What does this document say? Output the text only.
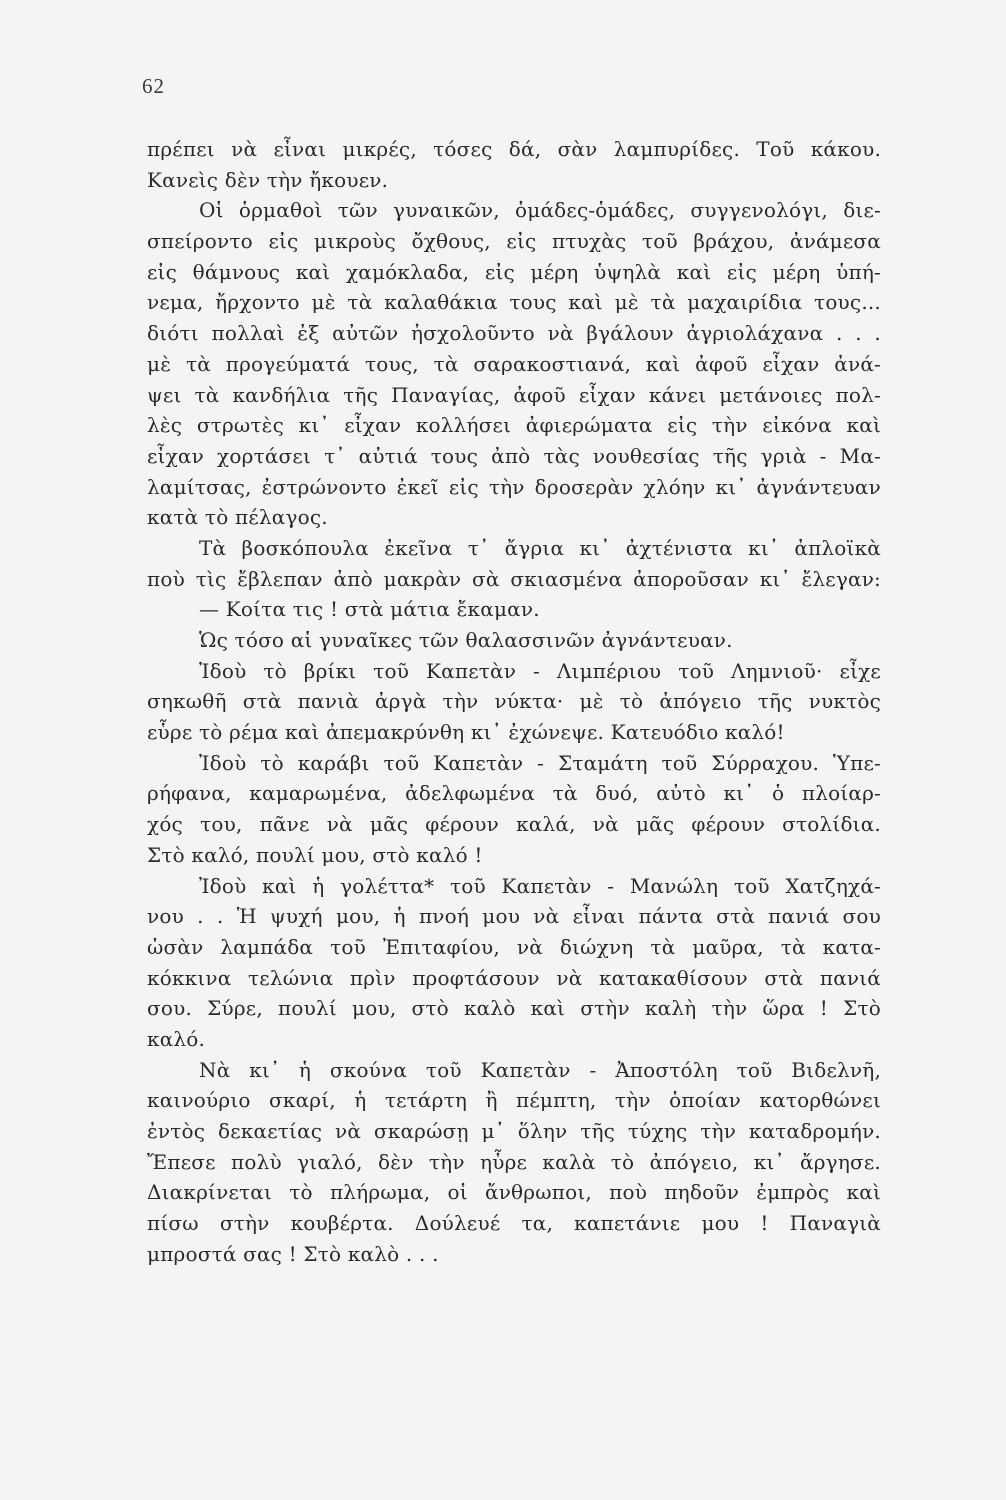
62
πρέπει νὰ εἶναι μικρές, τόσες δά, σὰν λαμπυρίδες. Τοῦ κάκου.
Κανεὶς δὲν τὴν ἤκουεν.
Οἱ ὁρμαθοὶ τῶν γυναικῶν, ὁμάδες-ὁμάδες, συγγενολόγι, διε-
σπείροντο εἰς μικροὺς ὄχθους, εἰς πτυχὰς τοῦ βράχου, ἀνάμεσα
εἰς θάμνους καὶ χαμόκλαδα, εἰς μέρη ὑψηλὰ καὶ εἰς μέρη ὑπή-
νεμα, ἤρχοντο μὲ τὰ καλαθάκια τους καὶ μὲ τὰ μαχαιρίδια τους...
διότι πολλαὶ ἐξ αὐτῶν ἠσχολοῦντο νὰ βγάλουν ἀγριολάχανα . . .
μὲ τὰ προγεύματά τους, τὰ σαρακοστιανά, καὶ ἀφοῦ εἶχαν ἀνά-
ψει τὰ κανδήλια τῆς Παναγίας, ἀφοῦ εἶχαν κάνει μετάνοιες πολ-
λὲς στρωτὲς κι᾽ εἶχαν κολλήσει ἀφιερώματα εἰς τὴν εἰκόνα καὶ
εἶχαν χορτάσει τ᾽ αὐτιά τους ἀπὸ τὰς νουθεσίας τῆς γριὰ - Μα-
λαμίτσας, ἐστρώνοντο ἐκεῖ εἰς τὴν δροσερὰν χλόην κι᾽ ἀγνάντευαν
κατὰ τὸ πέλαγος.
Τὰ βοσκόπουλα ἐκεῖνα τ᾽ ἄγρια κι᾽ ἀχτένιστα κι᾽ ἀπλοϊκὰ
ποὺ τὶς ἔβλεπαν ἀπὸ μακρὰν σὰ σκιασμένα ἀποροῦσαν κι᾽ ἔλεγαν:
— Κοίτα τις ! στὰ μάτια ἔκαμαν.
Ὡς τόσο αἱ γυναῖκες τῶν θαλασσινῶν ἀγνάντευαν.
Ἰδοὺ τὸ βρίκι τοῦ Καπετὰν - Λιμπέριου τοῦ Λημνιοῦ· εἶχε
σηκωθῆ στὰ πανιὰ ἀργὰ τὴν νύκτα· μὲ τὸ ἀπόγειο τῆς νυκτὸς
εὗρε τὸ ρέμα καὶ ἀπεμακρύνθη κι᾽ ἐχώνεψε. Κατευόδιο καλό!
Ἰδοὺ τὸ καράβι τοῦ Καπετὰν - Σταμάτη τοῦ Σύρραχου. Ὑπε-
ρήφανα, καμαρωμένα, ἀδελφωμένα τὰ δυό, αὐτὸ κι᾽ ὁ πλοίαρ-
χός του, πᾶνε νὰ μᾶς φέρουν καλά, νὰ μᾶς φέρουν στολίδια.
Στὸ καλό, πουλί μου, στὸ καλό !
Ἰδοὺ καὶ ἡ γολέττα* τοῦ Καπετὰν - Μανώλη τοῦ Χατζηχά-
νου . . Ἡ ψυχή μου, ἡ πνοή μου νὰ εἶναι πάντα στὰ πανιά σου
ὡσὰν λαμπάδα τοῦ Ἐπιταφίου, νὰ διώχνη τὰ μαῦρα, τὰ κατα-
κόκκινα τελώνια πρὶν προφτάσουν νὰ κατακαθίσουν στὰ πανιά
σου. Σύρε, πουλί μου, στὸ καλὸ καὶ στὴν καλὴ τὴν ὥρα ! Στὸ
καλό.
Νὰ κι᾽ ἡ σκούνα τοῦ Καπετὰν - Ἀποστόλη τοῦ Βιδελνῆ,
καινούριο σκαρί, ἡ τετάρτη ἢ πέμπτη, τὴν ὁποίαν κατορθώνει
ἐντὸς δεκαετίας νὰ σκαρώσῃ μ᾽ ὅλην τῆς τύχης τὴν καταδρομήν.
Ἔπεσε πολὺ γιαλό, δὲν τὴν ηὗρε καλὰ τὸ ἀπόγειο, κι᾽ ἄργησε.
Διακρίνεται τὸ πλήρωμα, οἱ ἄνθρωποι, ποὺ πηδοῦν ἐμπρὸς καὶ
πίσω στὴν κουβέρτα. Δούλευέ τα, καπετάνιε μου ! Παναγιὰ
μπροστά σας ! Στὸ καλὸ . . .
